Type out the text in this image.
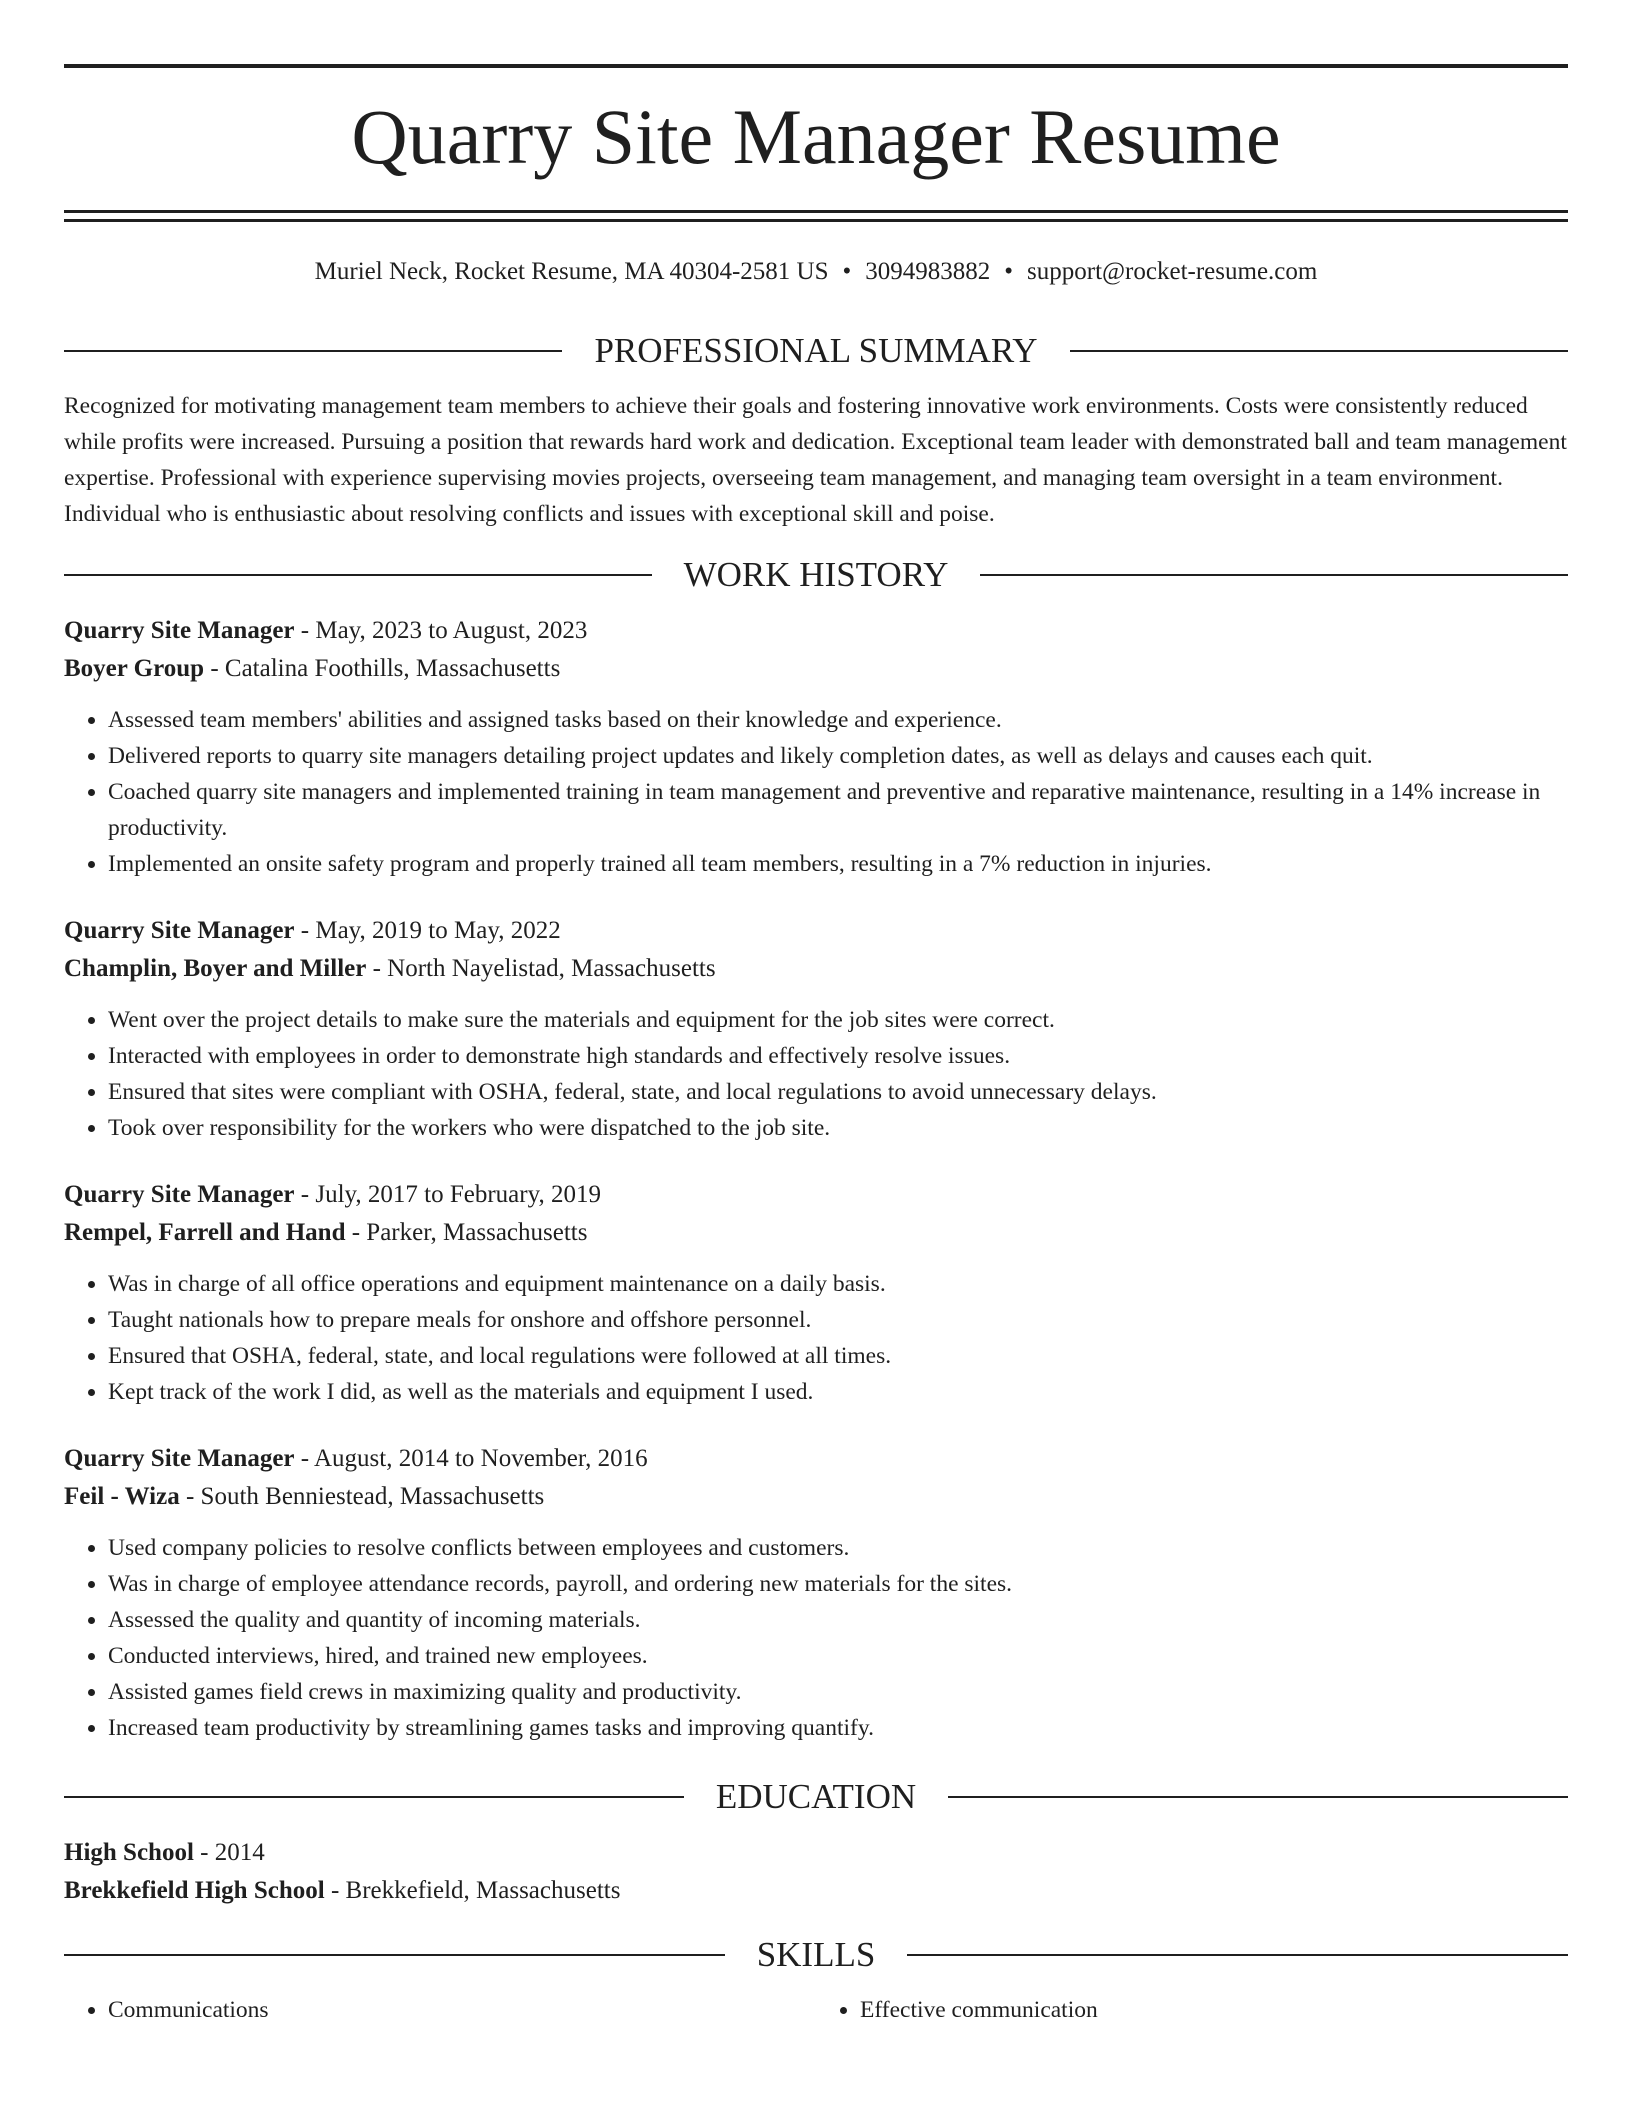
Quarry Site Manager Resume
Muriel Neck, Rocket Resume, MA 40304-2581 US • 3094983882 • support@rocket-resume.com
PROFESSIONAL SUMMARY

Recognized for motivating management team members to achieve their goals and fostering innovative work environments. Costs were consistently reduced while profits were increased. Pursuing a position that rewards hard work and dedication. Exceptional team leader with demonstrated ball and team management expertise. Professional with experience supervising movies projects, overseeing team management, and managing team oversight in a team environment. Individual who is enthusiastic about resolving conflicts and issues with exceptional skill and poise.

WORK HISTORY
Quarry Site Manager - May, 2023 to August, 2023
Boyer Group - Catalina Foothills, Massachusetts
• Assessed team members' abilities and assigned tasks based on their knowledge and experience.
• Delivered reports to quarry site managers detailing project updates and likely completion dates, as well as delays and causes each quit.
• Coached quarry site managers and implemented training in team management and preventive and reparative maintenance, resulting in a 14% increase in productivity.
• Implemented an onsite safety program and properly trained all team members, resulting in a 7% reduction in injuries.
Quarry Site Manager - May, 2019 to May, 2022
Champlin, Boyer and Miller - North Nayelistad, Massachusetts
• Went over the project details to make sure the materials and equipment for the job sites were correct.
• Interacted with employees in order to demonstrate high standards and effectively resolve issues.
• Ensured that sites were compliant with OSHA, federal, state, and local regulations to avoid unnecessary delays.
• Took over responsibility for the workers who were dispatched to the job site.
Quarry Site Manager - July, 2017 to February, 2019
Rempel, Farrell and Hand - Parker, Massachusetts
• Was in charge of all office operations and equipment maintenance on a daily basis.
• Taught nationals how to prepare meals for onshore and offshore personnel.
• Ensured that OSHA, federal, state, and local regulations were followed at all times.
• Kept track of the work I did, as well as the materials and equipment I used.
Quarry Site Manager - August, 2014 to November, 2016
Feil - Wiza - South Benniestead, Massachusetts
• Used company policies to resolve conflicts between employees and customers.
• Was in charge of employee attendance records, payroll, and ordering new materials for the sites.
• Assessed the quality and quantity of incoming materials.
• Conducted interviews, hired, and trained new employees.
• Assisted games field crews in maximizing quality and productivity.
• Increased team productivity by streamlining games tasks and improving quantify.
EDUCATION
High School - 2014
Brekkefield High School - Brekkefield, Massachusetts
SKILLS
• Communications
•	Effective communication
